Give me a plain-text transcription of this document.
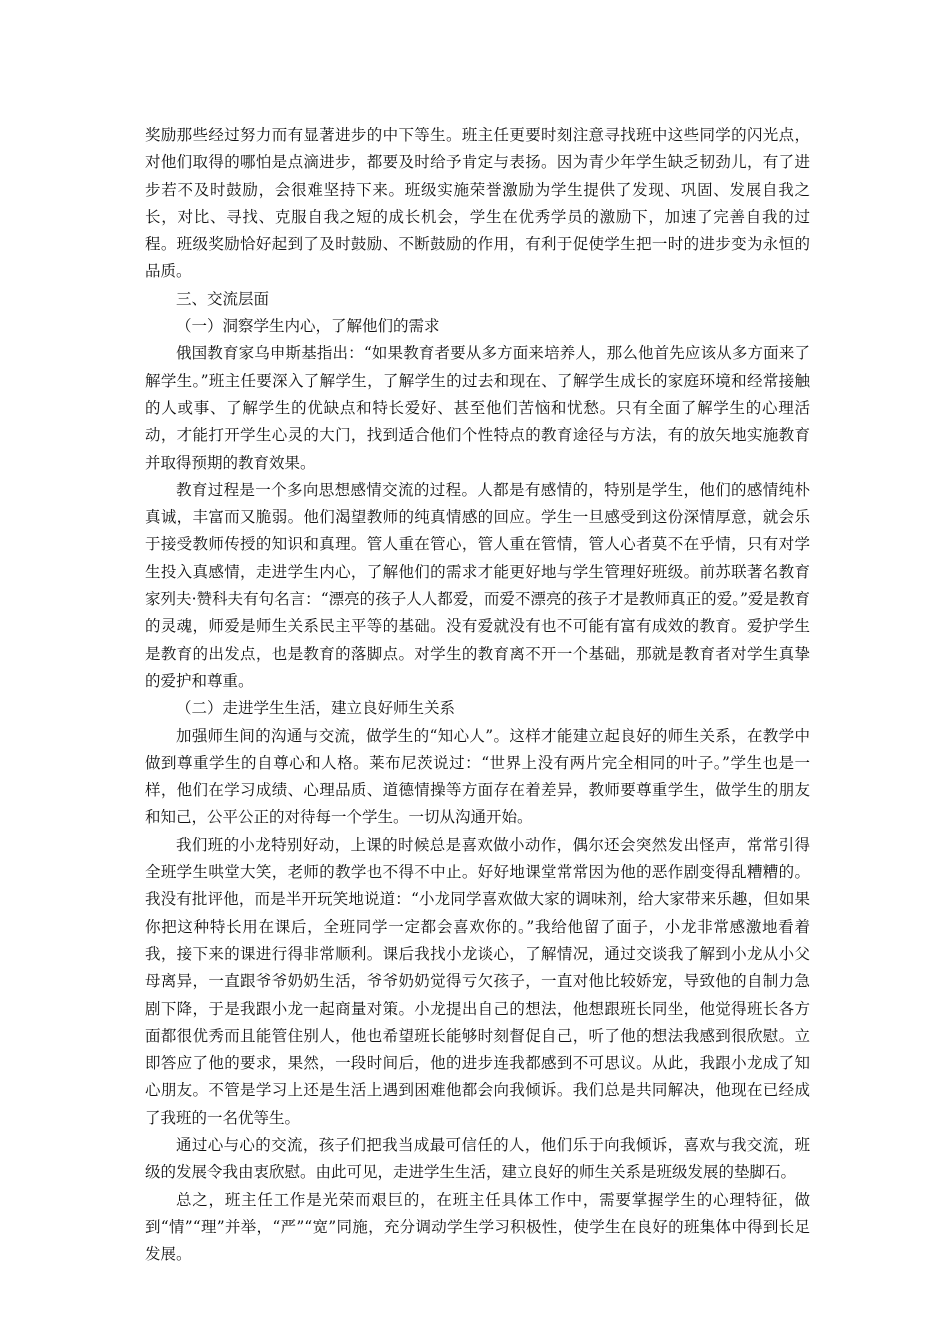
奖励那些经过努力而有显著进步的中下等生。班主任更要时刻注意寻找班中这些同学的闪光点，对他们取得的哪怕是点滴进步，都要及时给予肯定与表扬。因为青少年学生缺乏韧劲儿，有了进步若不及时鼓励，会很难坚持下来。班级实施荣誉激励为学生提供了发现、巩固、发展自我之长，对比、寻找、克服自我之短的成长机会，学生在优秀学员的激励下，加速了完善自我的过程。班级奖励恰好起到了及时鼓励、不断鼓励的作用，有利于促使学生把一时的进步变为永恒的品质。

三、交流层面

（一）洞察学生内心，了解他们的需求

俄国教育家乌申斯基指出：“如果教育者要从多方面来培养人，那么他首先应该从多方面来了解学生。”班主任要深入了解学生，了解学生的过去和现在、了解学生成长的家庭环境和经常接触的人或事、了解学生的优缺点和特长爱好、甚至他们苦恼和忧愁。只有全面了解学生的心理活动，才能打开学生心灵的大门，找到适合他们个性特点的教育途径与方法，有的放矢地实施教育并取得预期的教育效果。

教育过程是一个多向思想感情交流的过程。人都是有感情的，特别是学生，他们的感情纯朴真诚，丰富而又脆弱。他们渴望教师的纯真情感的回应。学生一旦感受到这份深情厚意，就会乐于接受教师传授的知识和真理。管人重在管心，管人重在管情，管人心者莫不在乎情，只有对学生投入真感情，走进学生内心，了解他们的需求才能更好地与学生管理好班级。前苏联著名教育家列夫·赞科夫有句名言：“漂亮的孩子人人都爱，而爱不漂亮的孩子才是教师真正的爱。”爱是教育的灵魂，师爱是师生关系民主平等的基础。没有爱就没有也不可能有富有成效的教育。爱护学生是教育的出发点，也是教育的落脚点。对学生的教育离不开一个基础，那就是教育者对学生真挚的爱护和尊重。

（二）走进学生生活，建立良好师生关系

加强师生间的沟通与交流，做学生的“知心人”。这样才能建立起良好的师生关系，在教学中做到尊重学生的自尊心和人格。莱布尼茨说过：“世界上没有两片完全相同的叶子。”学生也是一样，他们在学习成绩、心理品质、道德情操等方面存在着差异，教师要尊重学生，做学生的朋友和知己，公平公正的对待每一个学生。一切从沟通开始。

我们班的小龙特别好动，上课的时候总是喜欢做小动作，偶尔还会突然发出怪声，常常引得全班学生哄堂大笑，老师的教学也不得不中止。好好地课堂常常因为他的恶作剧变得乱糟糟的。我没有批评他，而是半开玩笑地说道：“小龙同学喜欢做大家的调味剂，给大家带来乐趣，但如果你把这种特长用在课后，全班同学一定都会喜欢你的。”我给他留了面子，小龙非常感激地看着我，接下来的课进行得非常顺利。课后我找小龙谈心，了解情况，通过交谈我了解到小龙从小父母离异，一直跟爷爷奶奶生活，爷爷奶奶觉得亏欠孩子，一直对他比较娇宠，导致他的自制力急剧下降，于是我跟小龙一起商量对策。小龙提出自己的想法，他想跟班长同坐，他觉得班长各方面都很优秀而且能管住别人，他也希望班长能够时刻督促自己，听了他的想法我感到很欣慰。立即答应了他的要求，果然，一段时间后，他的进步连我都感到不可思议。从此，我跟小龙成了知心朋友。不管是学习上还是生活上遇到困难他都会向我倾诉。我们总是共同解决，他现在已经成了我班的一名优等生。

通过心与心的交流，孩子们把我当成最可信任的人，他们乐于向我倾诉，喜欢与我交流，班级的发展令我由衷欣慰。由此可见，走进学生生活，建立良好的师生关系是班级发展的垫脚石。

总之，班主任工作是光荣而艰巨的，在班主任具体工作中，需要掌握学生的心理特征，做到“情”“理”并举，“严”“宽”同施，充分调动学生学习积极性，使学生在良好的班集体中得到长足发展。
